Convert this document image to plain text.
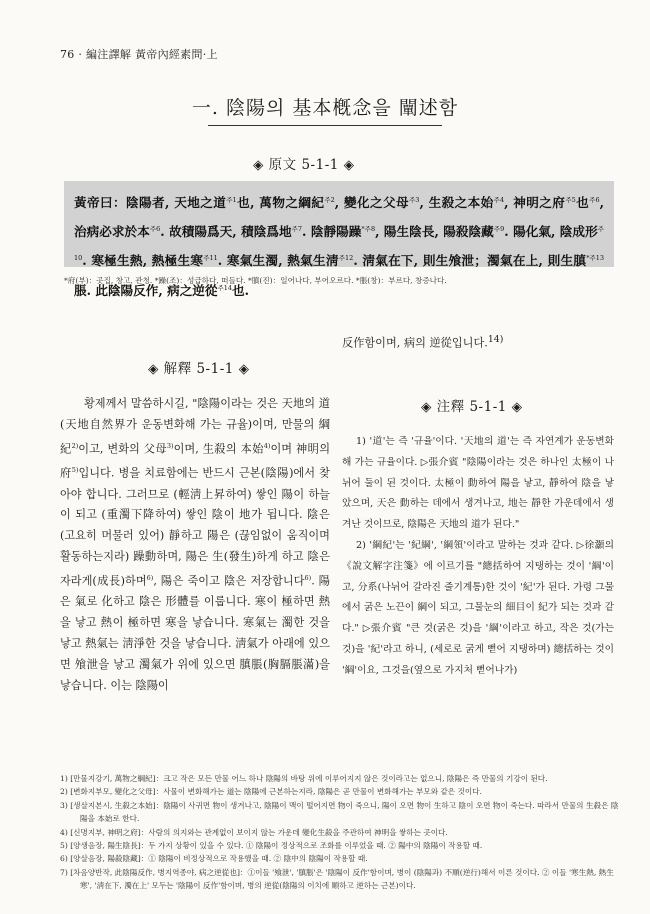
76 · 編注譯解 黃帝內經素問·上
一. 陰陽의 基本槪念을 闡述함
◈ 原文 5-1-1 ◈

黃帝曰：陰陽者, 天地之道$^{주1}$也, 萬物之綱紀$^{주2}$, 變化之父母$^{주3}$, 生殺之本始$^{주4}$, 神明之府$^{주5}$也$^{주6}$, 治病必求於本$^{주6}$. 故積陽爲天, 積陰爲地$^{주7}$. 陰靜陽躁$^{*주8}$, 陽生陰長, 陽殺陰藏$^{주9}$. 陽化氣, 陰成形$^{주10}$. 寒極生熱, 熱極生寒$^{주11}$. 寒氣生濁, 熱氣生淸$^{주12}$. 淸氣在下, 則生飧泄；濁氣在上, 則生䐜$^{*주13}$脹. 此陰陽反作, 病之逆從$^{주14}$也.

*府(부)：곳집, 창고, 관청. *躁(조)：성급하다, 떠들다. *䐜(진)：일어나다, 부어오르다. *脹(창)：부르다, 창증나다.
◈ 解釋 5-1-1 ◈

황제께서 말씀하시길, "陰陽이라는 것은 天地의 道(天地自然界가 운동변화해 가는 규율)이며, 만물의 綱紀$^{2)}$이고, 변화의 父母$^{3)}$이며, 生殺의 本始$^{4)}$이며 神明의 府$^{5)}$입니다. 병을 치료함에는 반드시 근본(陰陽)에서 찾아야 합니다. 그러므로 (輕淸上昇하여) 쌓인 陽이 하늘이 되고 (重濁下降하여) 쌓인 陰이 地가 됩니다. 陰은 (고요히 머물러 있어) 靜하고 陽은 (끊임없이 움직이며 활동하는지라) 躁動하며, 陽은 生(發生)하게 하고 陰은 자라게(成長)하며$^{6)}$, 陽은 죽이고 陰은 저장합니다$^{6)}$. 陽은 氣로 化하고 陰은 形體를 이룹니다. 寒이 極하면 熱을 낳고 熱이 極하면 寒을 낳습니다. 寒氣는 濁한 것을 낳고 熱氣는 淸淨한 것을 낳습니다. 淸氣가 아래에 있으면 飧泄을 낳고 濁氣가 위에 있으면 䐜脹(胸膈脹滿)을 낳습니다. 이는 陰陽이

反作함이며, 病의 逆從입니다.$^{14)}$
◈ 注釋 5-1-1 ◈

1) '道'는 즉 '규율'이다. '天地의 道'는 즉 자연계가 운동변화해 가는 규율이다. ▷張介賓 "陰陽이라는 것은 하나인 太極이 나뉘어 둘이 된 것이다. 太極이 動하여 陽을 낳고, 靜하여 陰을 낳았으며, 天은 動하는 데에서 생겨나고, 地는 靜한 가운데에서 생겨난 것이므로, 陰陽은 天地의 道가 된다."

2) '綱紀'는 '紀綱', '綱領'이라고 말하는 것과 같다. ▷徐灝의 《說文解字注箋》에 이르기를 "總括하여 지탱하는 것이 '綱'이고, 分系(나뉘어 갈라진 줄기계통)한 것이 '紀'가 된다. 가령 그물에서 굵은 노끈이 綱이 되고, 그물눈의 細目이 紀가 되는 것과 같다." ▷張介賓 "큰 것(굵은 것)을 '綱'이라고 하고, 작은 것(가는 것)을 '紀'라고 하니, (세로로 굵게 뻗어 지탱하며) 總括하는 것이 '綱'이요, 그것을(옆으로 가지처 뻗어나가)

1) [만물지강기, 萬物之綱紀]：크고 작은 모든 만물 어느 하나 陰陽의 바탕 위에 이루어지지 않은 것이라고는 없으니, 陰陽은 즉 만물의 기강이 된다.

2) [변화지부모, 變化之父母]：사물이 변화해가는 道는 陰陽에 근본하는지라, 陰陽은 곧 만물이 변화해가는 부모와 같은 것이다.

3) [생살지본시, 生殺之本始]：陰陽이 사귀면 物이 생겨나고, 陰陽이 맥이 떨어지면 物이 죽으니, 陽이 오면 物이 生하고 陰이 오면 物이 죽는다. 따라서 만물의 生殺은 陰陽을 本始로 한다.

4) [신명지부, 神明之府]：사람의 의지와는 관계없이 보이지 않는 가운데 變化生殺을 주관하여 神明을 쌓하는 곳이다.

5) [양생음장, 陽生陰長]：두 가지 상황이 있을 수 있다. ① 陰陽이 정상적으로 조화를 이루었을 때. ② 陽中의 陰陽이 작용할 때.

6) [양살음장, 陽殺陰藏]：① 陰陽이 비정상적으로 작용했을 때. ② 陰中의 陰陽이 작용할 때.

7) [차음양반작, 此陰陽反作, 병지역종야, 病之逆從也]：①이들 '飧泄', '䐜脹'은 '陰陽이 反作'함이며, 병이 (陰陽과) 不順(逆行)해서 이른 것이다. ② 이들 '寒生熱, 熱生寒', '淸在下, 濁在上' 모두는 '陰陽이 反作'함이며, 병의 逆從(陰陽의 이치에 順하고 逆하는 근본)이다.
